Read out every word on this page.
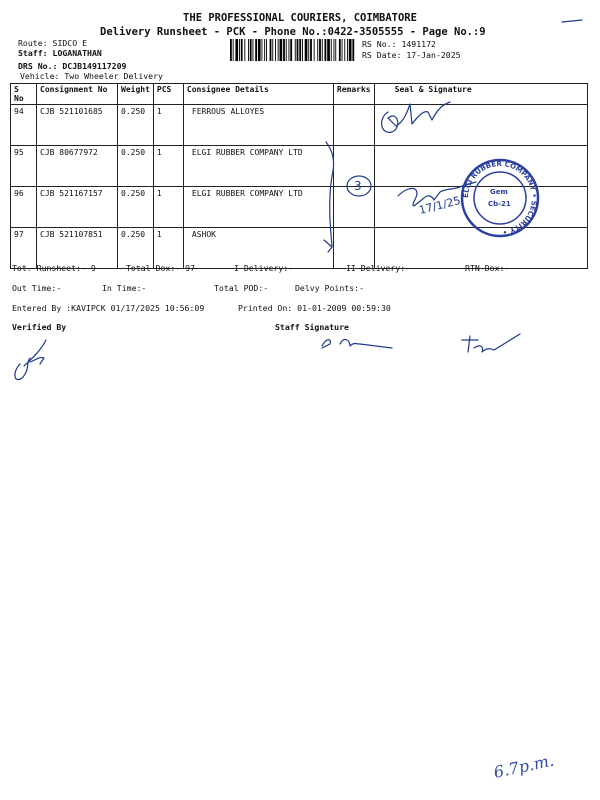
THE PROFESSIONAL COURIERS, COIMBATORE
Delivery Runsheet - PCK - Phone No.:0422-3505555 - Page No.:9
Route: SIDCO E
Staff: LOGANATHAN
DRS No.: DCJB149117209
Vehicle: Two Wheeler Delivery
RS No.: 1491172
RS Date: 17-Jan-2025
S No	Consignment No	Weight	PCS	Consignee Details	Remarks	Seal & Signature
94	CJB 521101685	0.250	1	FERROUS ALLOYES		
95	CJB 80677972	0.250	1	ELGI RUBBER COMPANY LTD		
96	CJB 521167157	0.250	1	ELGI RUBBER COMPANY LTD		
97	CJB 521107851	0.250	1	ASHOK		
Tot. Runsheet:- 9	Total Dox:- 97	I Delivery:-	II Delivery:-	RTN Dox:-
Out Time:-	In Time:-	Total POD:-	Delvy Points:-
Entered By :KAVIPCK 01/17/2025 10:56:09	Printed On: 01-01-2009 00:59:30
Verified By	Staff Signature
3
17/1/25 ELGI RUBBER COMPANY • SECURITY •
Gem
Cb-21
6.7p.m.
